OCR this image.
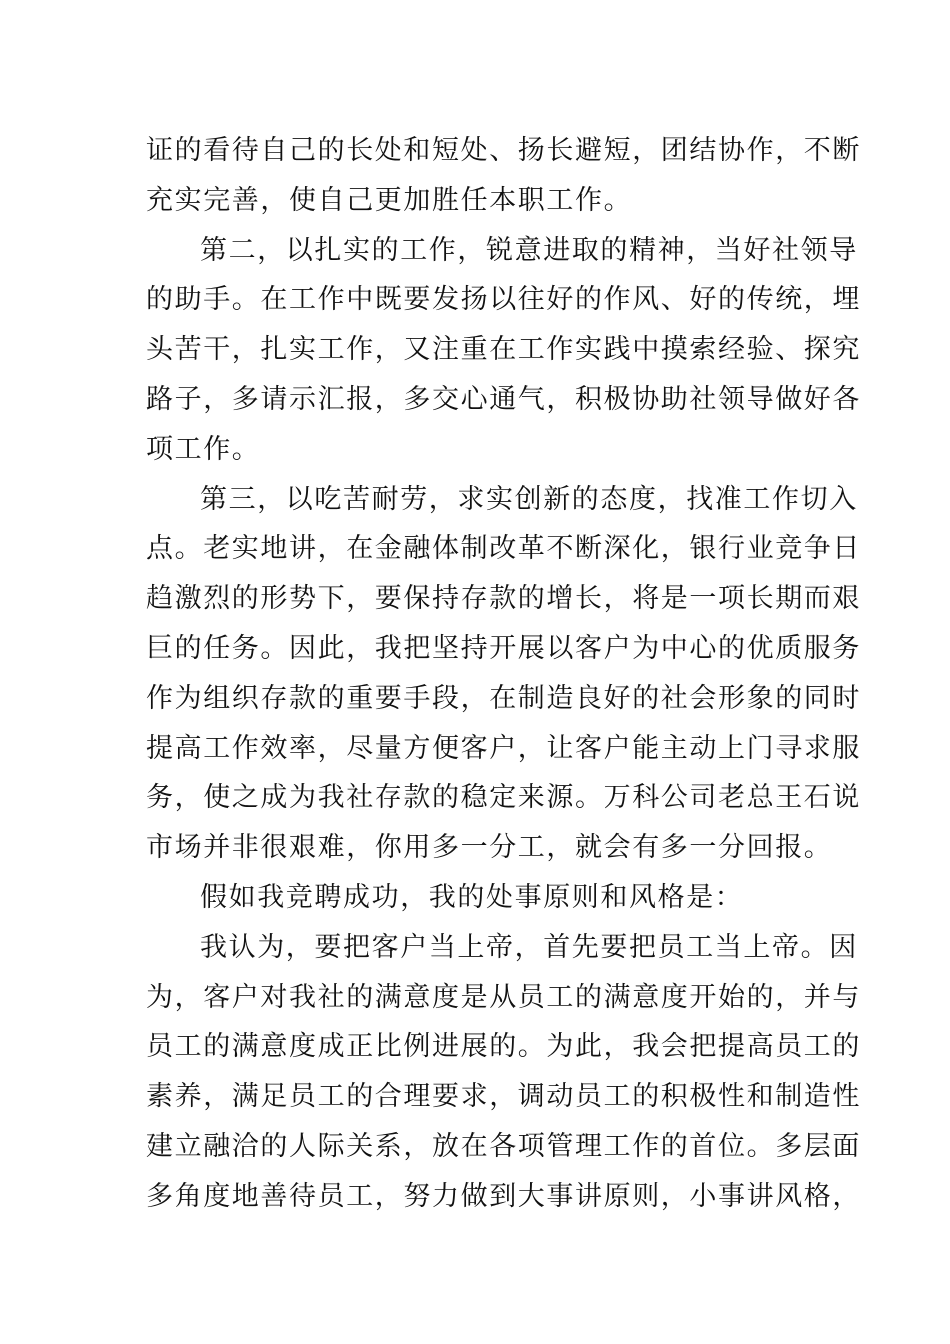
证的看待自己的长处和短处、扬长避短，团结协作，不断
充实完善，使自己更加胜任本职工作。
第二，以扎实的工作，锐意进取的精神，当好社领导
的助手。在工作中既要发扬以往好的作风、好的传统，埋
头苦干，扎实工作，又注重在工作实践中摸索经验、探究
路子，多请示汇报，多交心通气，积极协助社领导做好各
项工作。
第三，以吃苦耐劳，求实创新的态度，找准工作切入
点。老实地讲，在金融体制改革不断深化，银行业竞争日
趋激烈的形势下，要保持存款的增长，将是一项长期而艰
巨的任务。因此，我把坚持开展以客户为中心的优质服务
作为组织存款的重要手段，在制造良好的社会形象的同时
提高工作效率，尽量方便客户，让客户能主动上门寻求服
务，使之成为我社存款的稳定来源。万科公司老总王石说
市场并非很艰难，你用多一分工，就会有多一分回报。
假如我竞聘成功，我的处事原则和风格是：
我认为，要把客户当上帝，首先要把员工当上帝。因
为，客户对我社的满意度是从员工的满意度开始的，并与
员工的满意度成正比例进展的。为此，我会把提高员工的
素养，满足员工的合理要求，调动员工的积极性和制造性
建立融洽的人际关系，放在各项管理工作的首位。多层面
多角度地善待员工，努力做到大事讲原则，小事讲风格，
